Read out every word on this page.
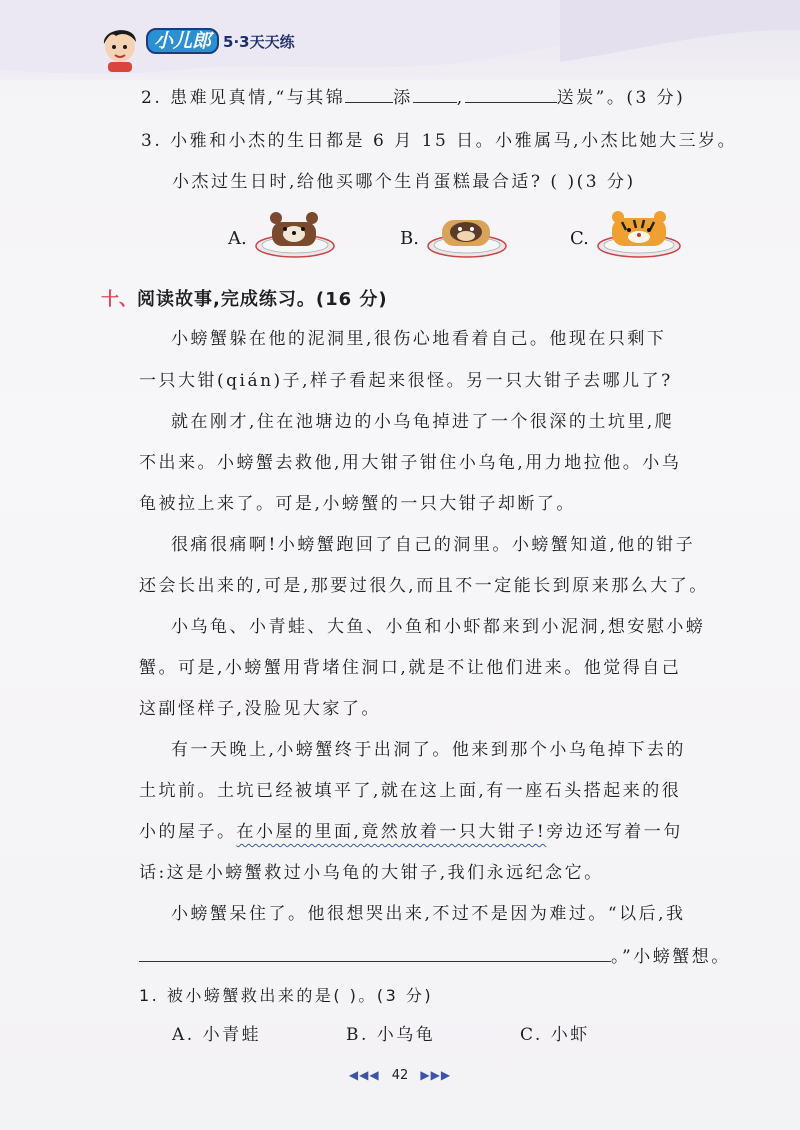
小儿郎 5·3天天练
2. 患难见真情,“与其锦	添	,	送炭”。(3 分)
3. 小雅和小杰的生日都是 6 月 15 日。小雅属马,小杰比她大三岁。
小杰过生日时,给他买哪个生肖蛋糕最合适? ( )(3 分)
A.	B.	C.
十、阅读故事,完成练习。(16 分)
小螃蟹躲在他的泥洞里,很伤心地看着自己。他现在只剩下
一只大钳(qián)子,样子看起来很怪。另一只大钳子去哪儿了?
就在刚才,住在池塘边的小乌龟掉进了一个很深的土坑里,爬
不出来。小螃蟹去救他,用大钳子钳住小乌龟,用力地拉他。小乌
龟被拉上来了。可是,小螃蟹的一只大钳子却断了。
很痛很痛啊!小螃蟹跑回了自己的洞里。小螃蟹知道,他的钳子
还会长出来的,可是,那要过很久,而且不一定能长到原来那么大了。
小乌龟、小青蛙、大鱼、小鱼和小虾都来到小泥洞,想安慰小螃
蟹。可是,小螃蟹用背堵住洞口,就是不让他们进来。他觉得自己
这副怪样子,没脸见大家了。
有一天晚上,小螃蟹终于出洞了。他来到那个小乌龟掉下去的
土坑前。土坑已经被填平了,就在这上面,有一座石头搭起来的很
小的屋子。在小屋的里面,竟然放着一只大钳子!旁边还写着一句
话:这是小螃蟹救过小乌龟的大钳子,我们永远纪念它。
小螃蟹呆住了。他很想哭出来,不过不是因为难过。“以后,我
。”小螃蟹想。
1. 被小螃蟹救出来的是( )。(3 分)
A. 小青蛙	B. 小乌龟	C. 小虾
◀◀◀ 42 ▶▶▶
